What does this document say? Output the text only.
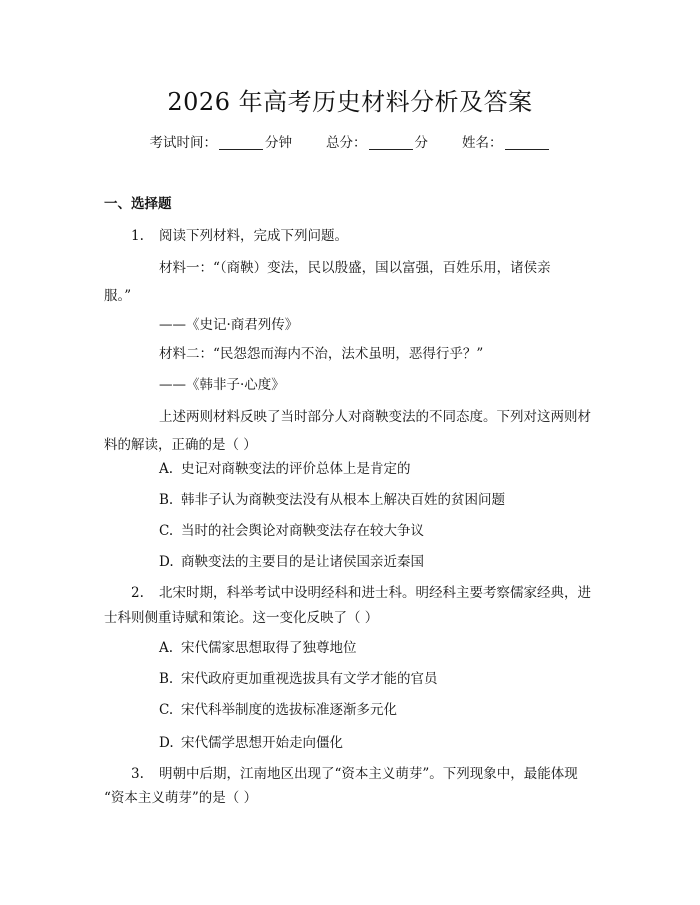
2026 年高考历史材料分析及答案
考试时间：	分钟	总分：	分	姓名：
一、选择题
1. 阅读下列材料，完成下列问题。
材料一：“（商鞅）变法，民以殷盛，国以富强，百姓乐用，诸侯亲
服。”
——《史记·商君列传》
材料二：“民怨怨而海内不治，法术虽明，恶得行乎？”
——《韩非子·心度》
上述两则材料反映了当时部分人对商鞅变法的不同态度。下列对这两则材
料的解读，正确的是（ ）
A. 史记对商鞅变法的评价总体上是肯定的
B. 韩非子认为商鞅变法没有从根本上解决百姓的贫困问题
C. 当时的社会舆论对商鞅变法存在较大争议
D. 商鞅变法的主要目的是让诸侯国亲近秦国
2. 北宋时期，科举考试中设明经科和进士科。明经科主要考察儒家经典，进
士科则侧重诗赋和策论。这一变化反映了（ ）
A. 宋代儒家思想取得了独尊地位
B. 宋代政府更加重视选拔具有文学才能的官员
C. 宋代科举制度的选拔标准逐渐多元化
D. 宋代儒学思想开始走向僵化
3. 明朝中后期，江南地区出现了“资本主义萌芽”。下列现象中，最能体现
“资本主义萌芽”的是（ ）
